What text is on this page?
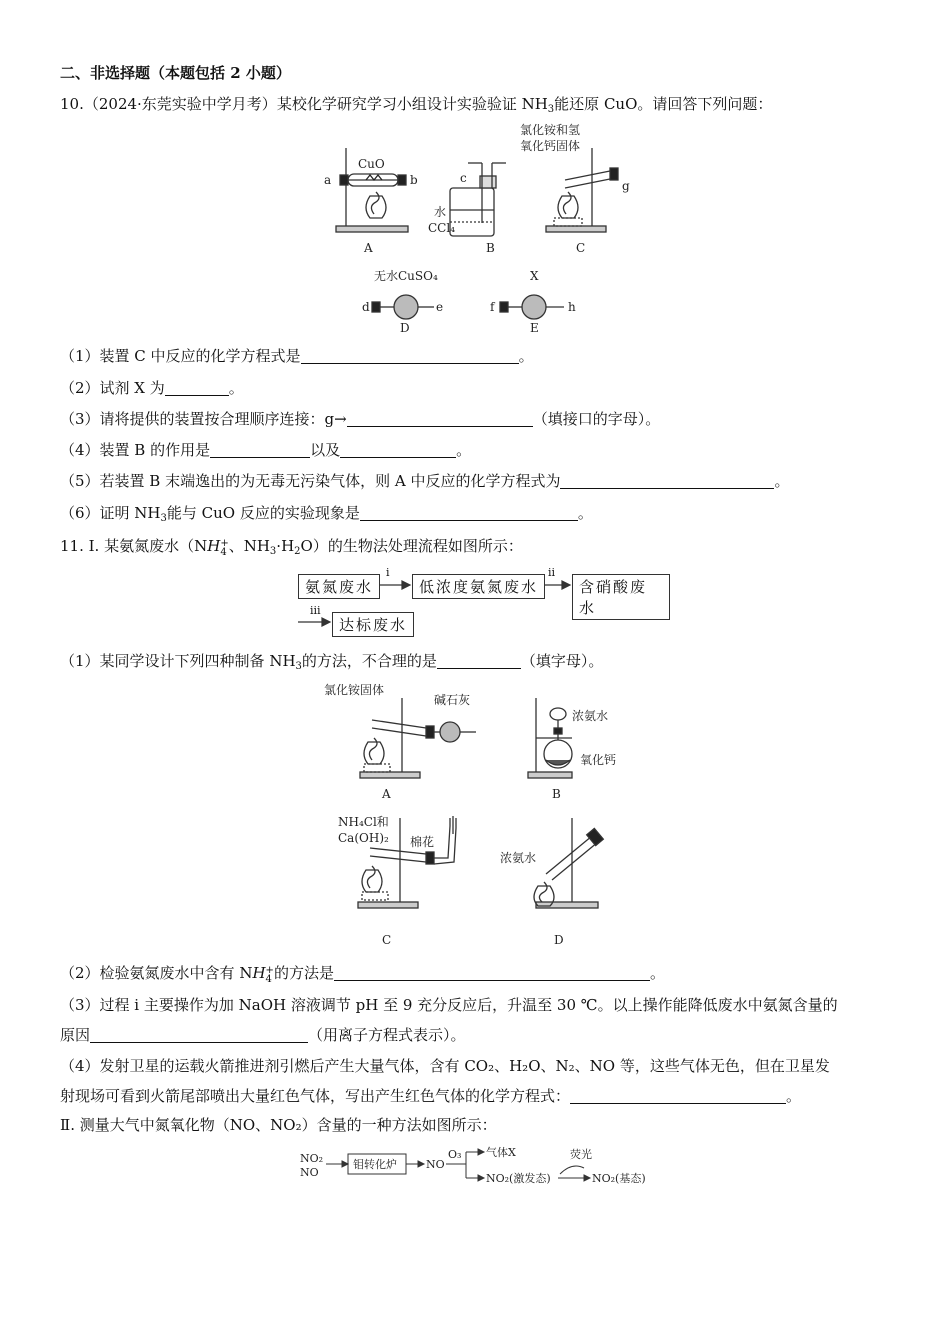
二、非选择题（本题包括 2 小题）
10.（2024·东莞实验中学月考）某校化学研究学习小组设计实验验证 $NH_3$能还原 CuO。请回答下列问题：
CuO
a	b
A
c
水
CCl₄
B
氯化铵和氢
氧化钙固体
g
C
无水CuSO₄
d	e
D
X
f	h
E
（1）装置 C 中反应的化学方程式是	。
（2）试剂 X 为	。
（3）请将提供的装置按合理顺序连接：g→	（填接口的字母）。
（4）装置 B 的作用是	以及	。
（5）若装置 B 末端逸出的为无毒无污染气体，则 A 中反应的化学方程式为	。
（6）证明 $NH_3$能与 CuO 反应的实验现象是	。
11. I. 某氨氮废水（NH +
4 、$NH_3\cdot H_2O$）的生物法处理流程如图所示：
氨氮废水
ⅰ
低浓度氨氮废水
ⅱ
含硝酸废水
ⅲ
达标废水
（1）某同学设计下列四种制备 $NH_3$的方法，不合理的是	（填字母）。
氯化铵固体
碱石灰
A
浓氨水
氧化钙
B
NH₄Cl和
Ca(OH)₂ 棉花
C
浓氨水
D
（2）检验氨氮废水中含有 NH +
4 的方法是	。
（3）过程 ⅰ 主要操作为加 NaOH 溶液调节 pH 至 9 充分反应后，升温至 30 ℃。以上操作能降低废水中氨氮含量的
原因	（用离子方程式表示）。
（4）发射卫星的运载火箭推进剂引燃后产生大量气体，含有 CO₂、H₂O、N₂、NO 等，这些气体无色，但在卫星发
射现场可看到火箭尾部喷出大量红色气体，写出产生红色气体的化学方程式：	。
Ⅱ. 测量大气中氮氧化物（NO、NO₂）含量的一种方法如图所示：
NO₂
NO
钼转化炉	NO
O₃ 气体X
NO₂(激发态)
荧光
NO₂(基态)
